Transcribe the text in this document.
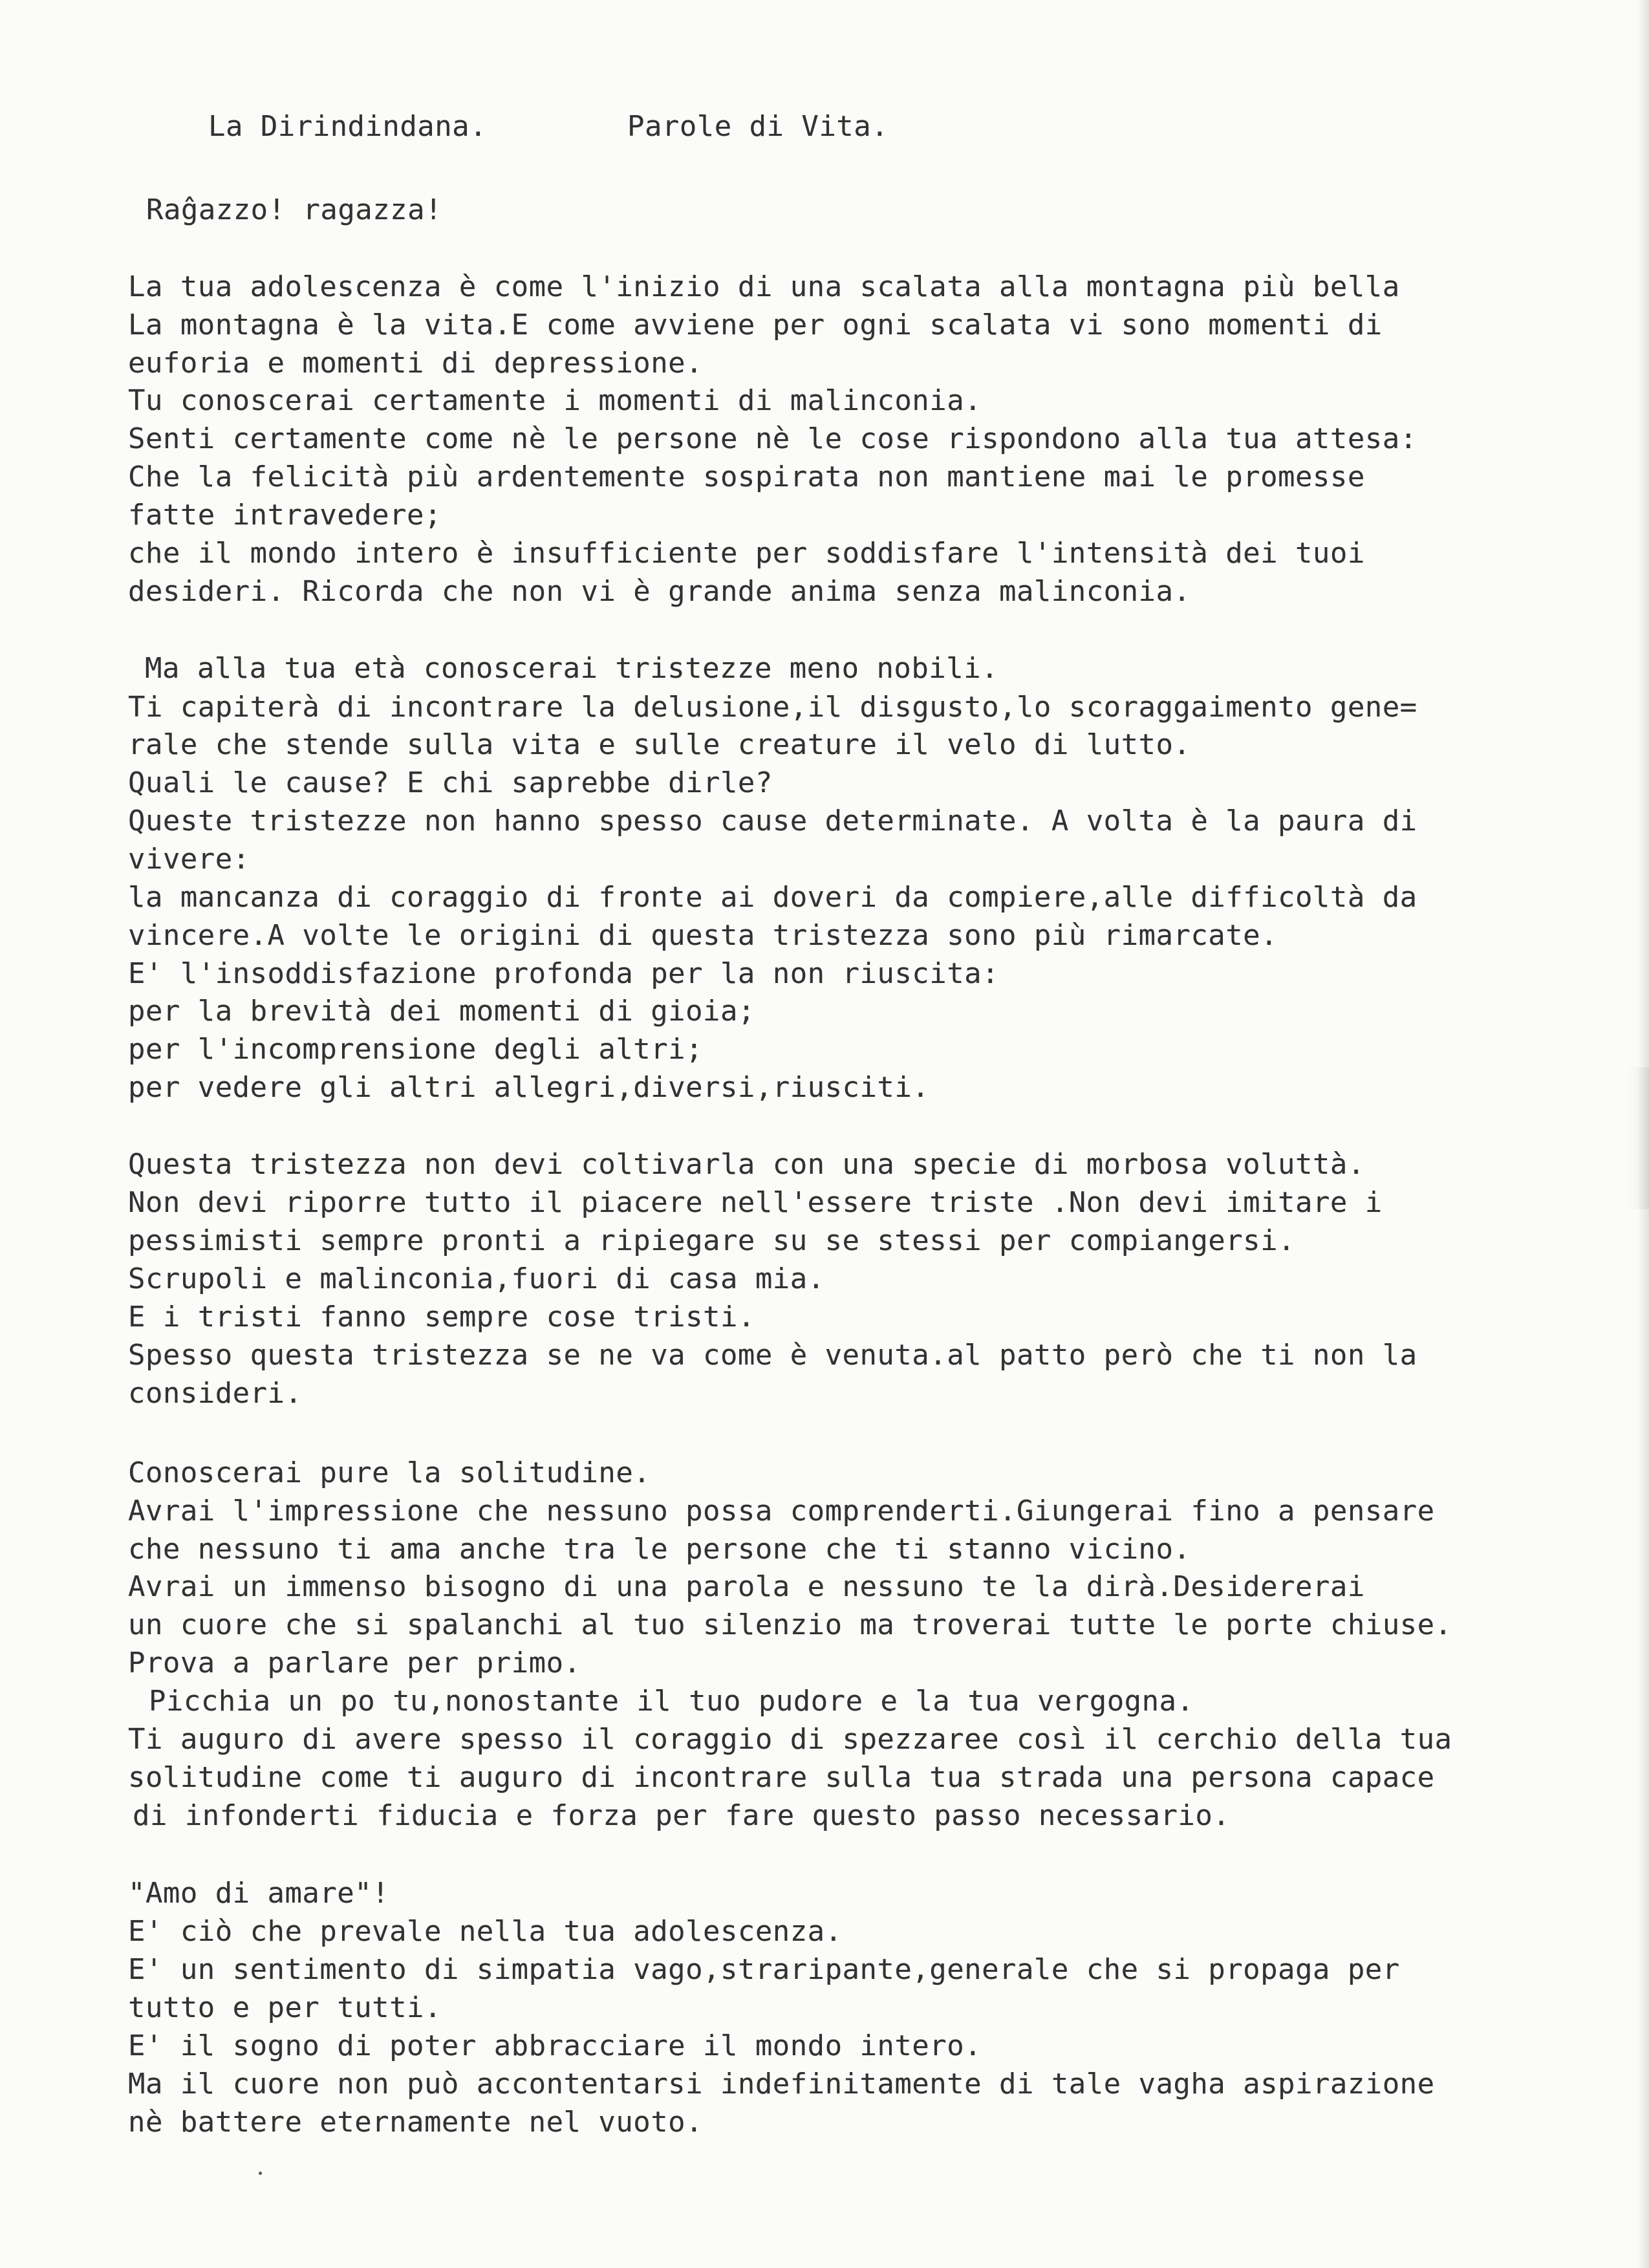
La Dirindindana.	Parole di Vita.

Raĝazzo! ragazza!

La tua adolescenza è come l'inizio di una scalata alla montagna più bella

La montagna è la vita.E come avviene per ogni scalata vi sono momenti di

euforia e momenti di depressione.

Tu conoscerai certamente i momenti di malinconia.

Senti certamente come nè le persone nè le cose rispondono alla tua attesa:

Che la felicità più ardentemente sospirata non mantiene mai le promesse

fatte intravedere;

che il mondo intero è insufficiente per soddisfare l'intensità dei tuoi

desideri. Ricorda che non vi è grande anima senza malinconia.

Ma alla tua età conoscerai tristezze meno nobili.

Ti capiterà di incontrare la delusione,il disgusto,lo scoraggaimento gene=

rale che stende sulla vita e sulle creature il velo di lutto.

Quali le cause? E chi saprebbe dirle?

Queste tristezze non hanno spesso cause determinate. A volta è la paura di

vivere:

la mancanza di coraggio di fronte ai doveri da compiere,alle difficoltà da

vincere.A volte le origini di questa tristezza sono più rimarcate.

E' l'insoddisfazione profonda per la non riuscita:

per la brevità dei momenti di gioia;

per l'incomprensione degli altri;

per vedere gli altri allegri,diversi,riusciti.

Questa tristezza non devi coltivarla con una specie di morbosa voluttà.

Non devi riporre tutto il piacere nell'essere triste .Non devi imitare i

pessimisti sempre pronti a ripiegare su se stessi per compiangersi.

Scrupoli e malinconia,fuori di casa mia.

E i tristi fanno sempre cose tristi.

Spesso questa tristezza se ne va come è venuta.al patto però che ti non la

consideri.

Conoscerai pure la solitudine.

Avrai l'impressione che nessuno possa comprenderti.Giungerai fino a pensare

che nessuno ti ama anche tra le persone che ti stanno vicino.

Avrai un immenso bisogno di una parola e nessuno te la dirà.Desidererai

un cuore che si spalanchi al tuo silenzio ma troverai tutte le porte chiuse.

Prova a parlare per primo.

Picchia un po tu,nonostante il tuo pudore e la tua vergogna.

Ti auguro di avere spesso il coraggio di spezzaree così il cerchio della tua

solitudine come ti auguro di incontrare sulla tua strada una persona capace

di infonderti fiducia e forza per fare questo passo necessario.

"Amo di amare"!

E' ciò che prevale nella tua adolescenza.

E' un sentimento di simpatia vago,straripante,generale che si propaga per

tutto e per tutti.

E' il sogno di poter abbracciare il mondo intero.

Ma il cuore non può accontentarsi indefinitamente di tale vagha aspirazione

nè battere eternamente nel vuoto.
